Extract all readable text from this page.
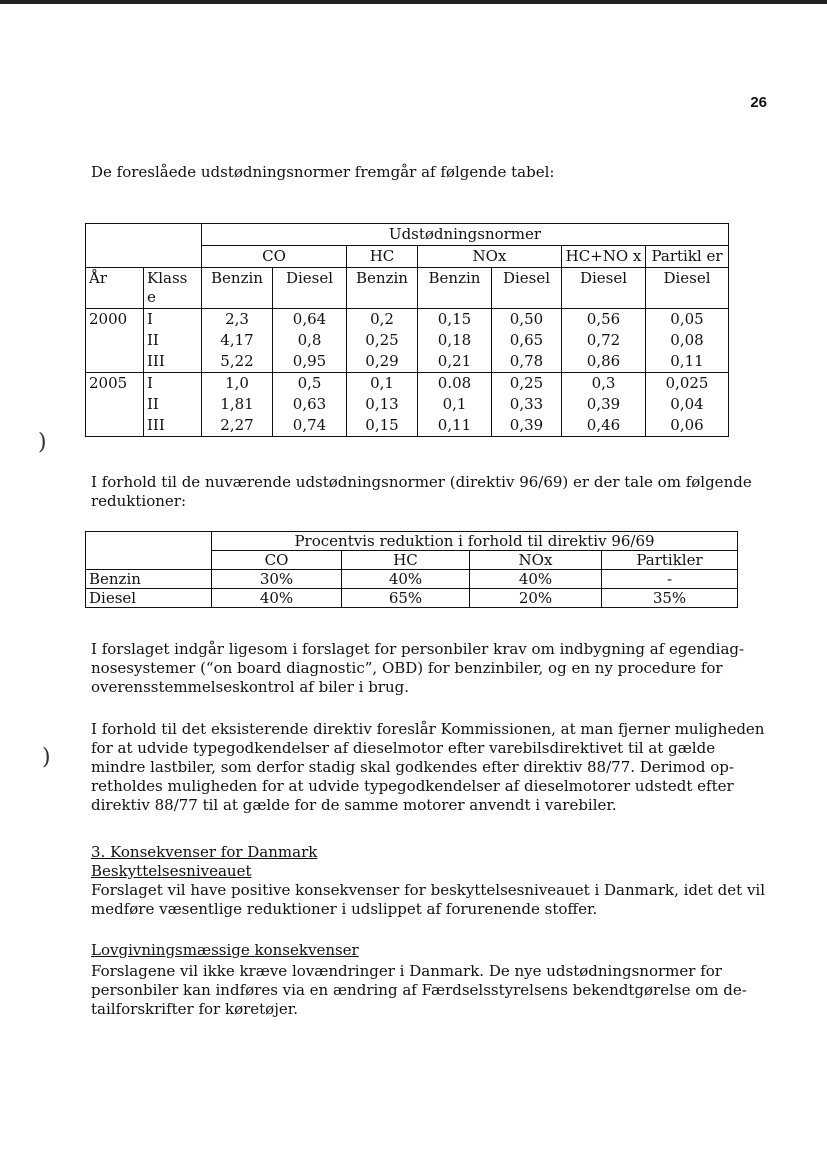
26

De foreslåede udstødningsnormer fremgår af følgende tabel:

		Udstødningsnormer						
		CO		HC	NOx		HC+NO x	Partikl er
År	Klass e	Benzin	Diesel	Benzin	Benzin	Diesel	Diesel	Diesel
2000	I	2,3	0,64	0,2	0,15	0,50	0,56	0,05
	II	4,17	0,8	0,25	0,18	0,65	0,72	0,08
	III	5,22	0,95	0,29	0,21	0,78	0,86	0,11
2005	I	1,0	0,5	0,1	0.08	0,25	0,3	0,025
	II	1,81	0,63	0,13	0,1	0,33	0,39	0,04
	III	2,27	0,74	0,15	0,11	0,39	0,46	0,06
)

I forhold til de nuværende udstødningsnormer (direktiv 96/69) er der tale om følgende reduktioner:

	Procentvis reduktion i forhold til direktiv 96/69			
	CO	HC	NOx	Partikler
Benzin	30%	40%	40%	-
Diesel	40%	65%	20%	35%

I forslaget indgår ligesom i forslaget for personbiler krav om indbygning af egendiagnosesystemer (“on board diagnostic”, OBD) for benzinbiler, og en ny procedure for overensstemmelseskontrol af biler i brug.

)

I forhold til det eksisterende direktiv foreslår Kommissionen, at man fjerner muligheden for at udvide typegodkendelser af dieselmotor efter varebilsdirektivet til at gælde mindre lastbiler, som derfor stadig skal godkendes efter direktiv 88/77. Derimod opretholdes muligheden for at udvide typegodkendelser af dieselmotorer udstedt efter direktiv 88/77 til at gælde for de samme motorer anvendt i varebiler.

3. Konsekvenser for Danmark
Beskyttelsesniveauet

Forslaget vil have positive konsekvenser for beskyttelsesniveauet i Danmark, idet det vil medføre væsentlige reduktioner i udslippet af forurenende stoffer.

Lovgivningsmæssige konsekvenser

Forslagene vil ikke kræve lovændringer i Danmark. De nye udstødningsnormer for personbiler kan indføres via en ændring af Færdselsstyrelsens bekendtgørelse om detailforskrifter for køretøjer.
